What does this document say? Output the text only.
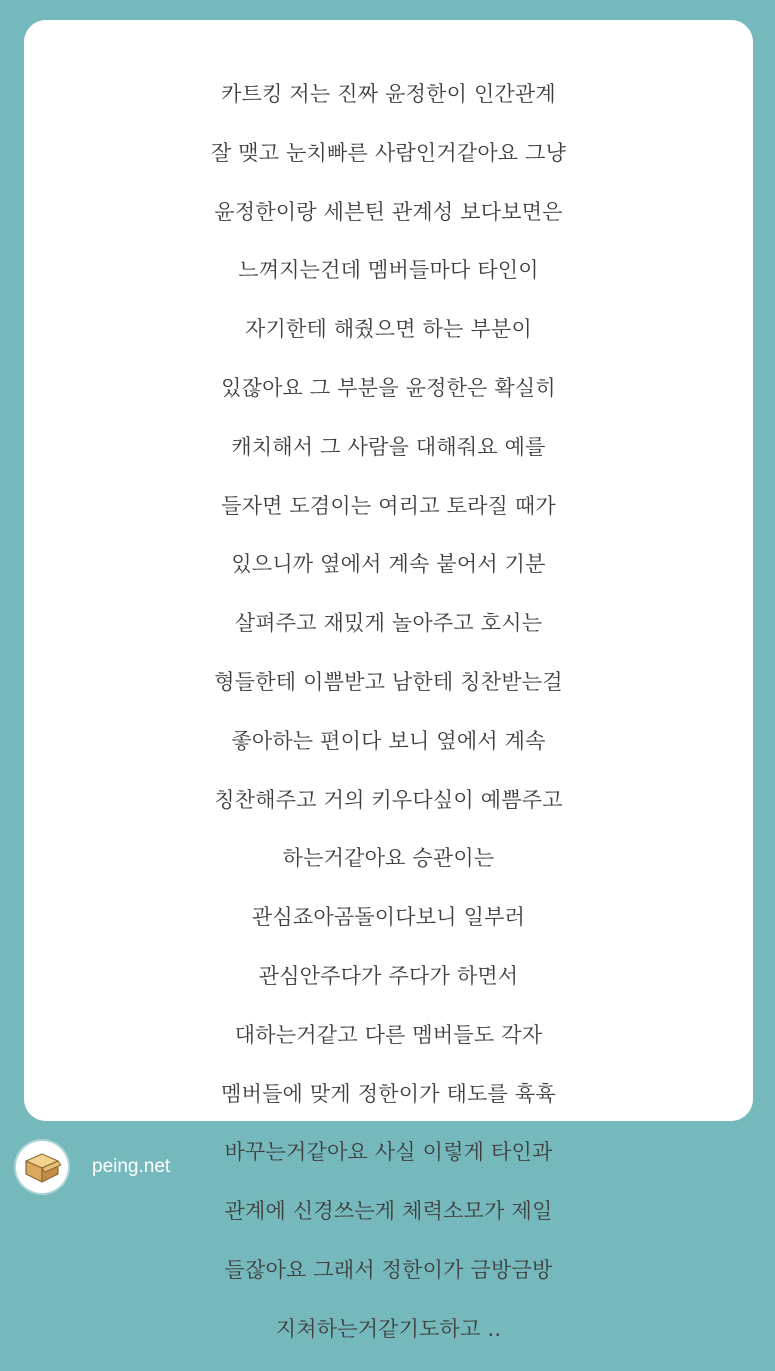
카트킹 저는 진짜 윤정한이 인간관계
잘 맺고 눈치빠른 사람인거같아요 그냥
윤정한이랑 세븐틴 관계성 보다보면은
느껴지는건데 멤버들마다 타인이
자기한테 해줬으면 하는 부분이
있잖아요 그 부분을 윤정한은 확실히
캐치해서 그 사람을 대해줘요 예를
들자면 도겸이는 여리고 토라질 때가
있으니까 옆에서 계속 붙어서 기분
살펴주고 재밌게 놀아주고 호시는
형들한테 이쁨받고 남한테 칭찬받는걸
좋아하는 편이다 보니 옆에서 계속
칭찬해주고 거의 키우다싶이 예쁨주고
하는거같아요 승관이는
관심죠아곰돌이다보니 일부러
관심안주다가 주다가 하면서
대하는거같고 다른 멤버들도 각자
멤버들에 맞게 정한이가 태도를 휵휵
바꾸는거같아요 사실 이렇게 타인과
관계에 신경쓰는게 체력소모가 제일
들잖아요 그래서 정한이가 금방금방
지쳐하는거같기도하고 ..
peing.net
